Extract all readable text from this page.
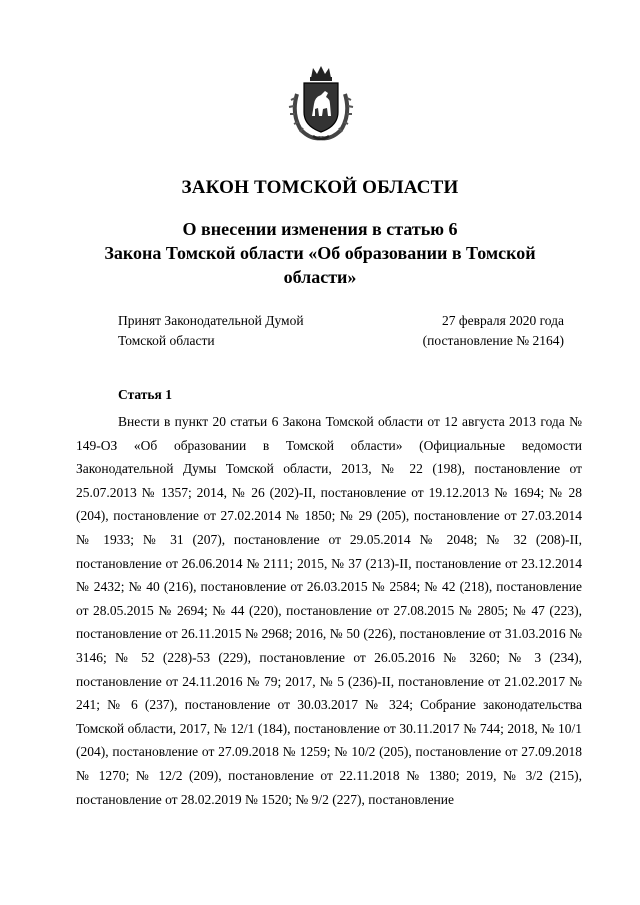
ЗАКОН ТОМСКОЙ ОБЛАСТИ
О внесении изменения в статью 6
Закона Томской области «Об образовании в Томской
области»
Принят Законодательной Думой
Томской области
27 февраля 2020 года
(постановление № 2164)
Статья 1

Внести в пункт 20 статьи 6 Закона Томской области от 12 августа 2013 года № 149-ОЗ «Об образовании в Томской области» (Официальные ведомости Законодательной Думы Томской области, 2013, № 22 (198), постановление от 25.07.2013 № 1357; 2014, № 26 (202)-II, постановление от 19.12.2013 № 1694; № 28 (204), постановление от 27.02.2014 № 1850; № 29 (205), постановление от 27.03.2014 № 1933; № 31 (207), постановление от 29.05.2014 № 2048; № 32 (208)-II, постановление от 26.06.2014 № 2111; 2015, № 37 (213)-II, постановление от 23.12.2014 № 2432; № 40 (216), постановление от 26.03.2015 № 2584; № 42 (218), постановление от 28.05.2015 № 2694; № 44 (220), постановление от 27.08.2015 № 2805; № 47 (223), постановление от 26.11.2015 № 2968; 2016, № 50 (226), постановление от 31.03.2016 № 3146; № 52 (228)-53 (229), постановление от 26.05.2016 № 3260; № 3 (234), постановление от 24.11.2016 № 79; 2017, № 5 (236)-II, постановление от 21.02.2017 № 241; № 6 (237), постановление от 30.03.2017 № 324; Собрание законодательства Томской области, 2017, № 12/1 (184), постановление от 30.11.2017 № 744; 2018, № 10/1 (204), постановление от 27.09.2018 № 1259; № 10/2 (205), постановление от 27.09.2018 № 1270; № 12/2 (209), постановление от 22.11.2018 № 1380; 2019, № 3/2 (215), постановление от 28.02.2019 № 1520; № 9/2 (227), постановление
